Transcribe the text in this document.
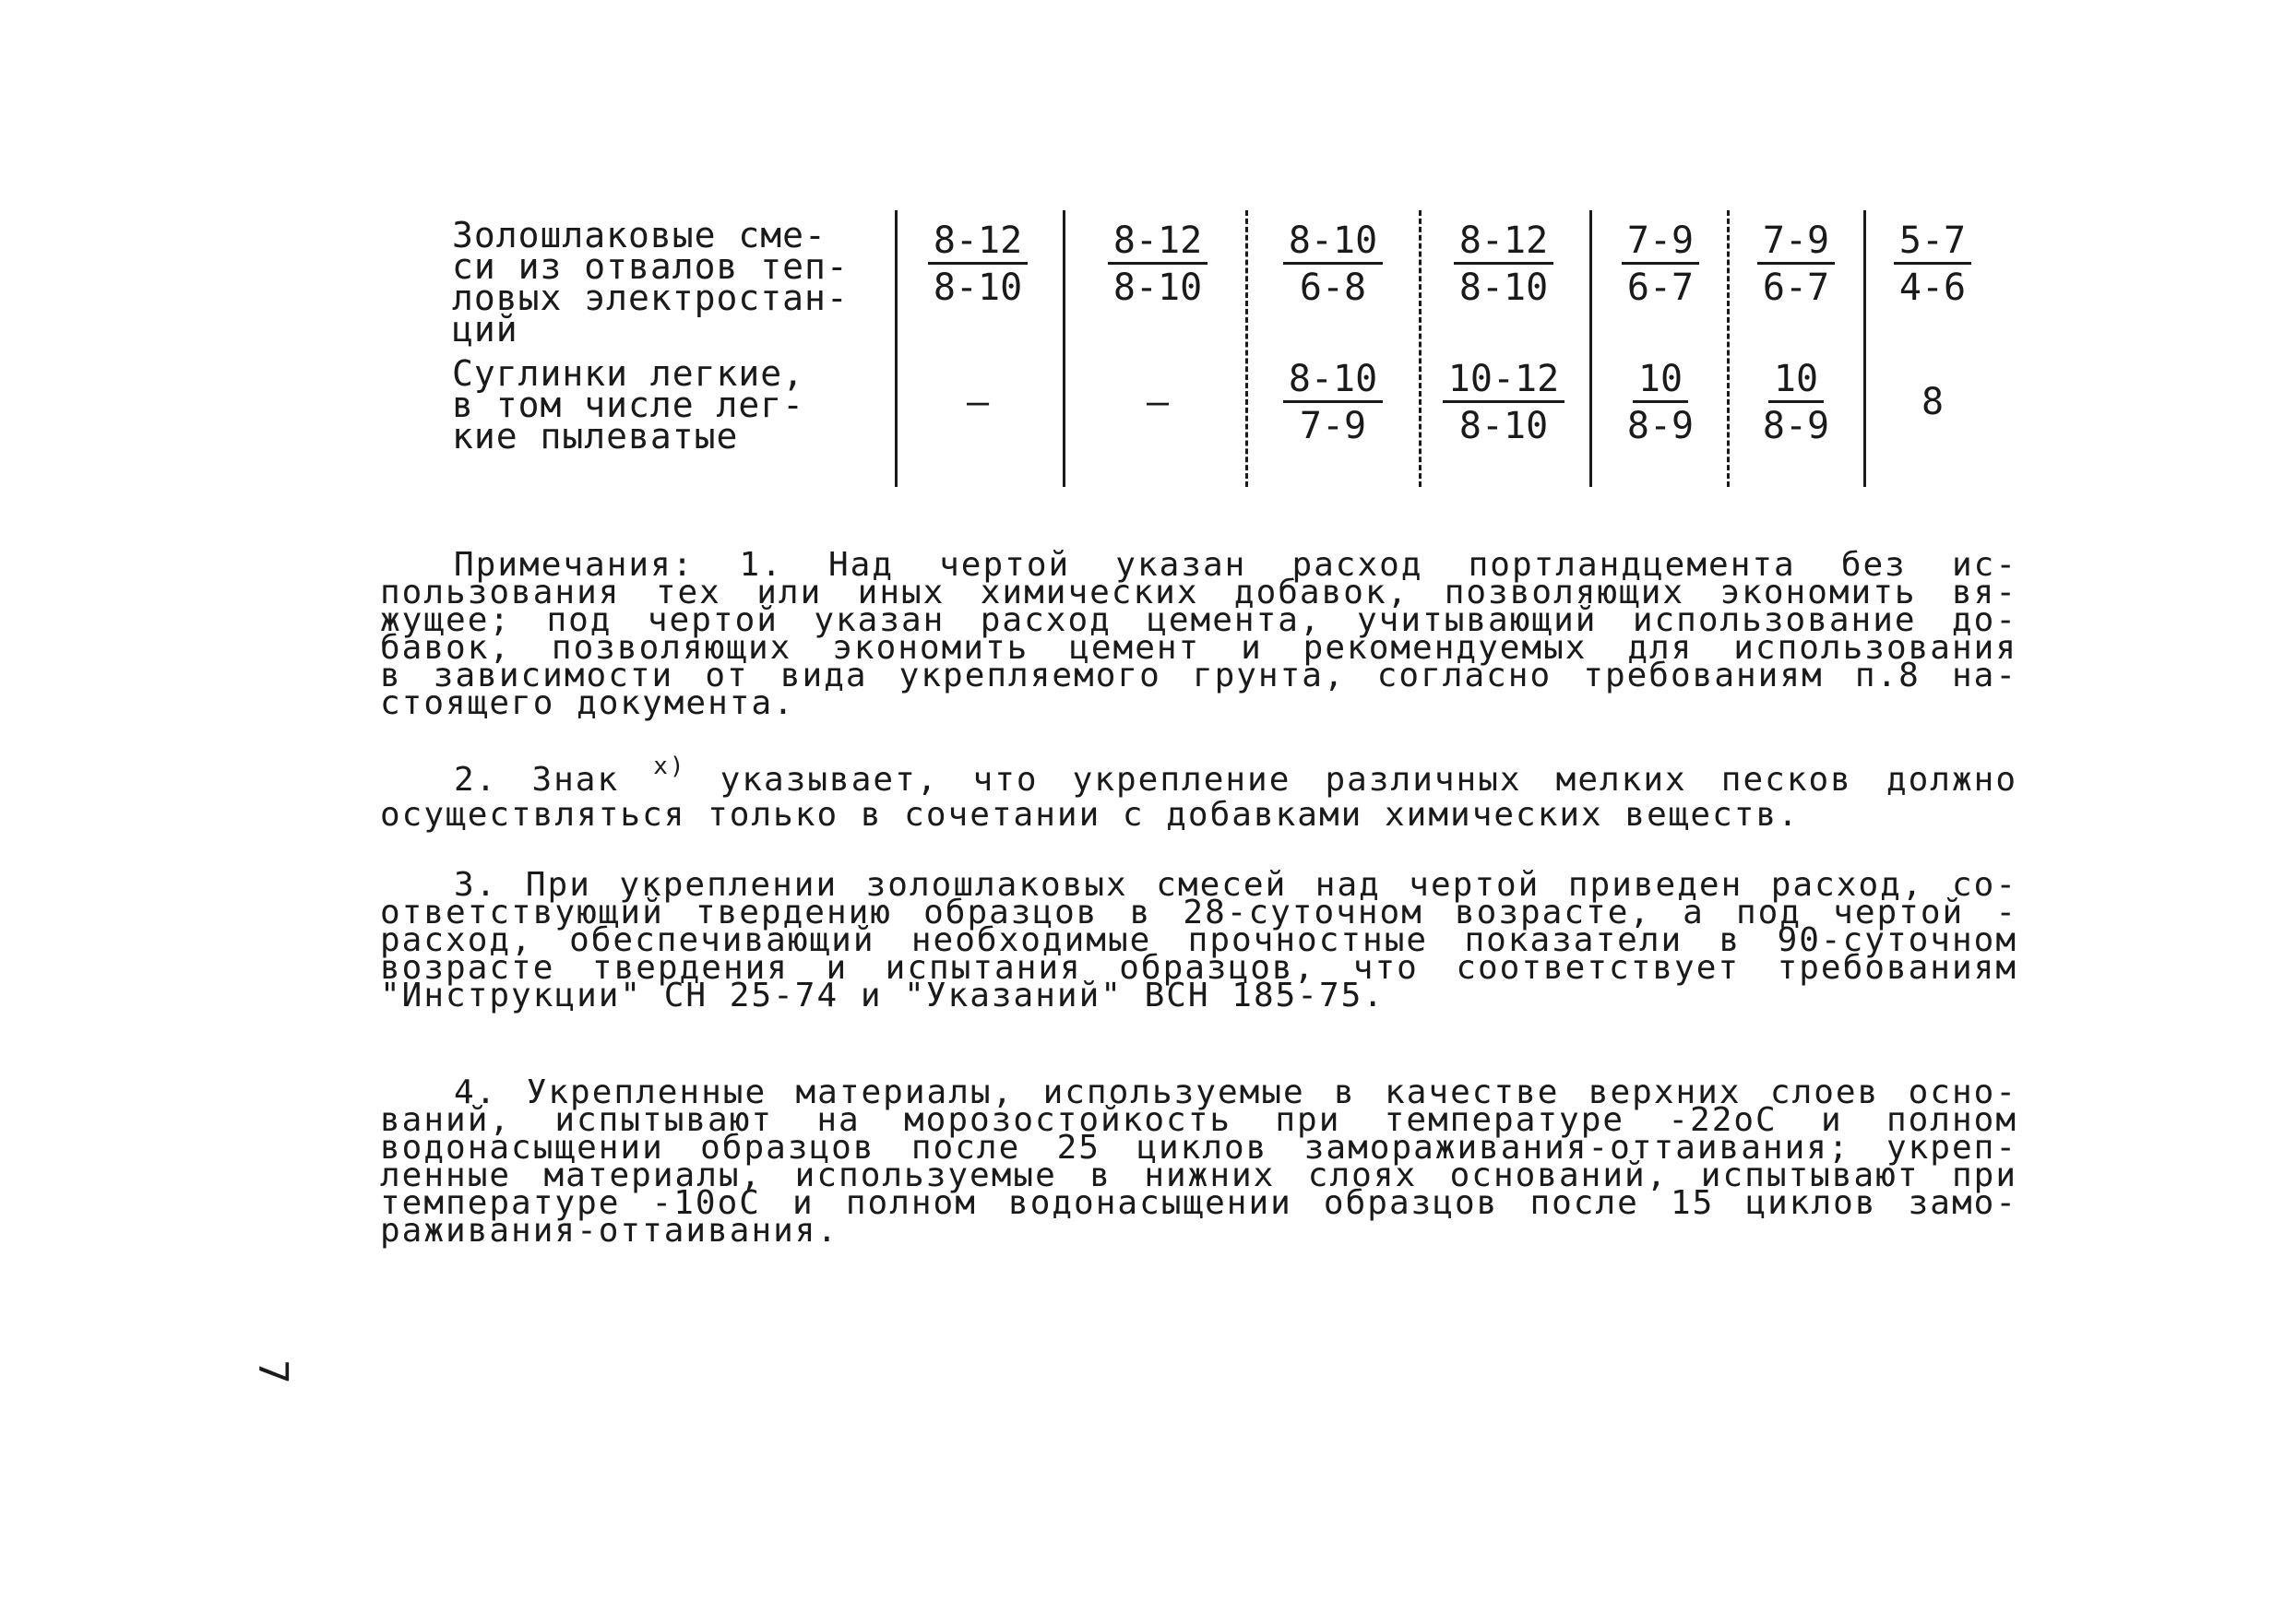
Золошлаковые сме-
си из отвалов теп-
ловых электростан-
ций
8-12
8-10
8-12
8-10
8-10
6-8
8-12
8-10
7-9
6-7
7-9
6-7
5-7
4-6
Суглинки легкие,
в том числе лег-
кие пылеватые
–	–
8-10
7-9
10-12
8-10
10
8-9
10
8-9
8
Примечания: 1. Над чертой указан расход портландцемента без ис-
пользования тех или иных химических добавок, позволяющих экономить вя-
жущее; под чертой указан расход цемента, учитывающий использование до-
бавок, позволяющих экономить цемент и рекомендуемых для использования
в зависимости от вида укрепляемого грунта, согласно требованиям п.8 на-
стоящего документа.
2. Знак $^{x)}$ указывает, что укрепление различных мелких песков должно
осуществляться только в сочетании с добавками химических веществ.
3. При укреплении золошлаковых смесей над чертой приведен расход, со-
ответствующий твердению образцов в 28-суточном возрасте, а под чертой -
расход, обеспечивающий необходимые прочностные показатели в 90-суточном
возрасте твердения и испытания образцов, что соответствует требованиям
"Инструкции" СН 25-74 и "Указаний" ВСН 185-75.
4. Укрепленные материалы, используемые в качестве верхних слоев осно-
ваний, испытывают на морозостойкость при температуре -22оС и полном
водонасыщении образцов после 25 циклов замораживания-оттаивания; укреп-
ленные материалы, используемые в нижних слоях оснований, испытывают при
температуре -10оС и полном водонасыщении образцов после 15 циклов замо-
раживания-оттаивания.
7
